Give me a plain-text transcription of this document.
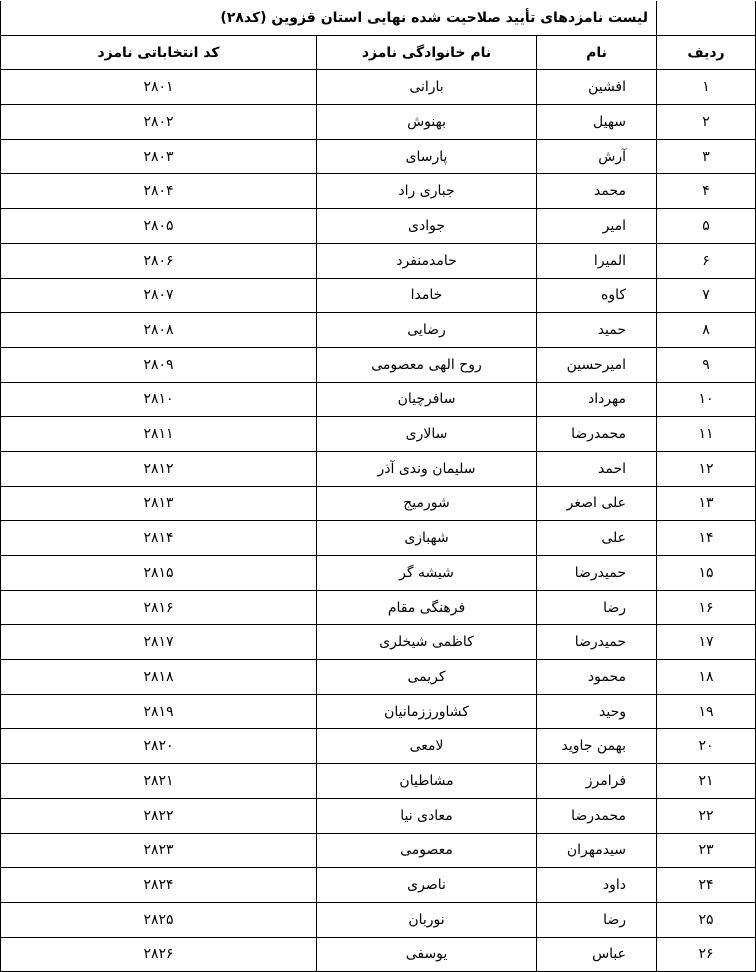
	لیست نامزدهای تأیید صلاحیت شده نهایی استان قزوین (کد۲۸)		
ردیف	نام	نام خانوادگی نامزد	کد انتخاباتی نامزد
۱	افشین	بارانی	۲۸۰۱
۲	سهیل	بهنوش	۲۸۰۲
۳	آرش	پارسای	۲۸۰۳
۴	محمد	جباری راد	۲۸۰۴
۵	امیر	جوادی	۲۸۰۵
۶	المیرا	حامدمنفرد	۲۸۰۶
۷	کاوه	خامدا	۲۸۰۷
۸	حمید	رضایی	۲۸۰۸
۹	امیرحسین	روح الهی معصومی	۲۸۰۹
۱۰	مهرداد	سافرچیان	۲۸۱۰
۱۱	محمدرضا	سالاری	۲۸۱۱
۱۲	احمد	سلیمان وندی آذر	۲۸۱۲
۱۳	علی اصغر	شورمیج	۲۸۱۳
۱۴	علی	شهبازی	۲۸۱۴
۱۵	حمیدرضا	شیشه گر	۲۸۱۵
۱۶	رضا	فرهنگی مقام	۲۸۱۶
۱۷	حمیدرضا	کاظمی شیخلری	۲۸۱۷
۱۸	محمود	کریمی	۲۸۱۸
۱۹	وحید	کشاورززمانیان	۲۸۱۹
۲۰	بهمن جاوید	لامعی	۲۸۲۰
۲۱	فرامرز	مشاطیان	۲۸۲۱
۲۲	محمدرضا	معادی نیا	۲۸۲۲
۲۳	سیدمهران	معصومی	۲۸۲۳
۲۴	داود	ناصری	۲۸۲۴
۲۵	رضا	نوربان	۲۸۲۵
۲۶	عباس	یوسفی	۲۸۲۶
